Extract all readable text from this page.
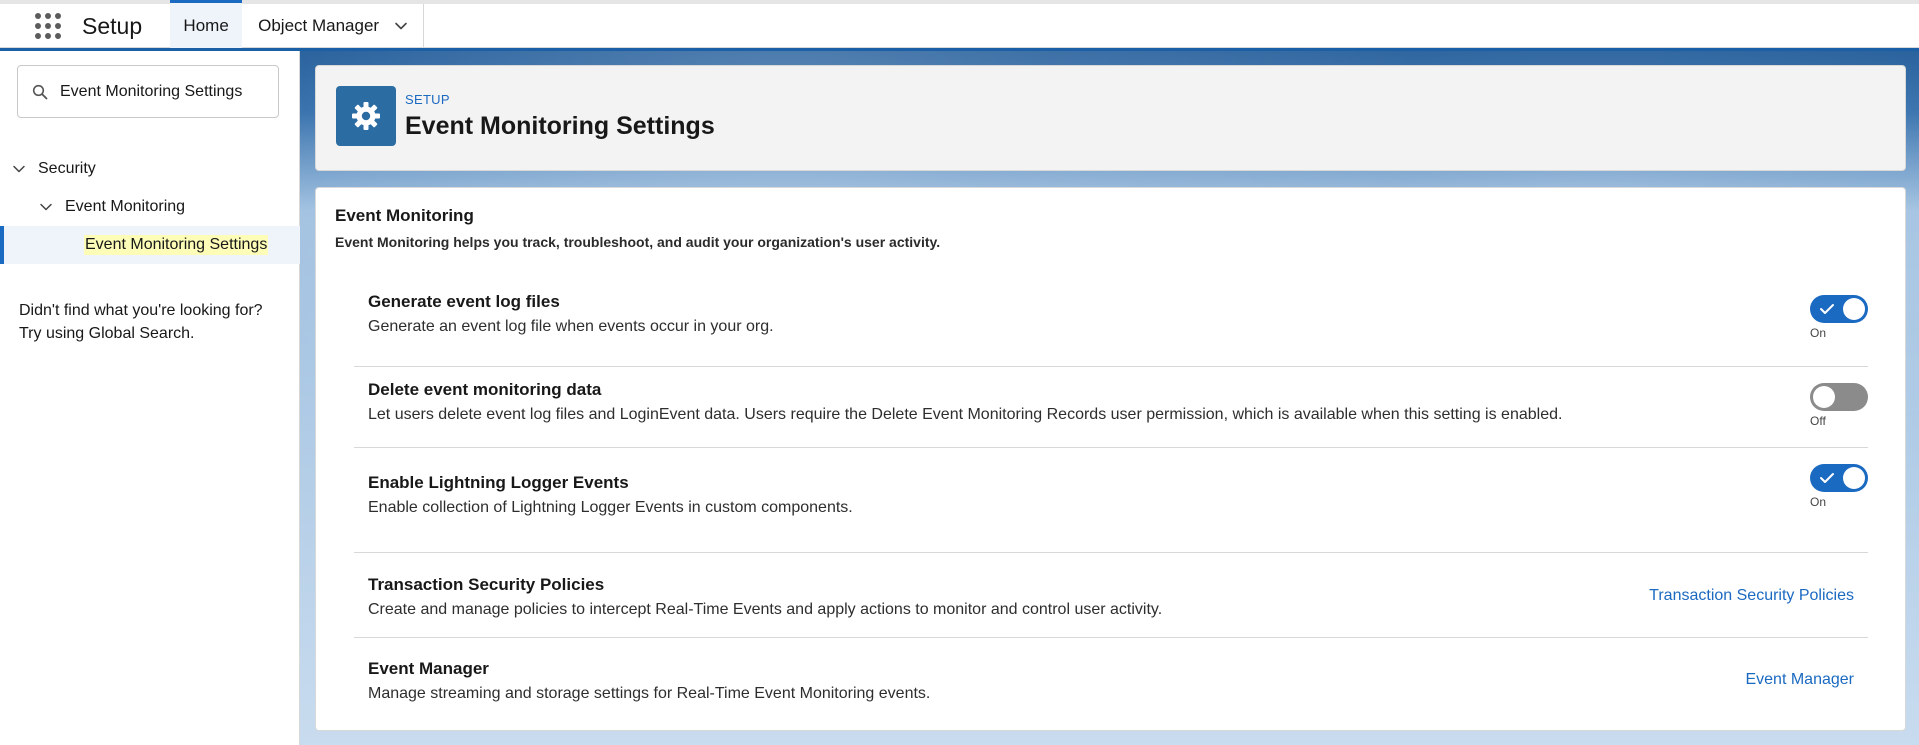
Setup	Home Object Manager
Event Monitoring Settings
Security
Event Monitoring
Event Monitoring Settings
Didn't find what you're looking for?
Try using Global Search.
SETUP
Event Monitoring Settings
Event Monitoring
Event Monitoring helps you track, troubleshoot, and audit your organization's user activity.
Generate event log files
Generate an event log file when events occur in your org.	On
Delete event monitoring data
Let users delete event log files and LoginEvent data. Users require the Delete Event Monitoring Records user permission, which is available when this setting is enabled.	Off
Enable Lightning Logger Events
Enable collection of Lightning Logger Events in custom components.	On
Transaction Security Policies
Create and manage policies to intercept Real-Time Events and apply actions to monitor and control user activity.
Transaction Security Policies
Event Manager
Manage streaming and storage settings for Real-Time Event Monitoring events.
Event Manager
